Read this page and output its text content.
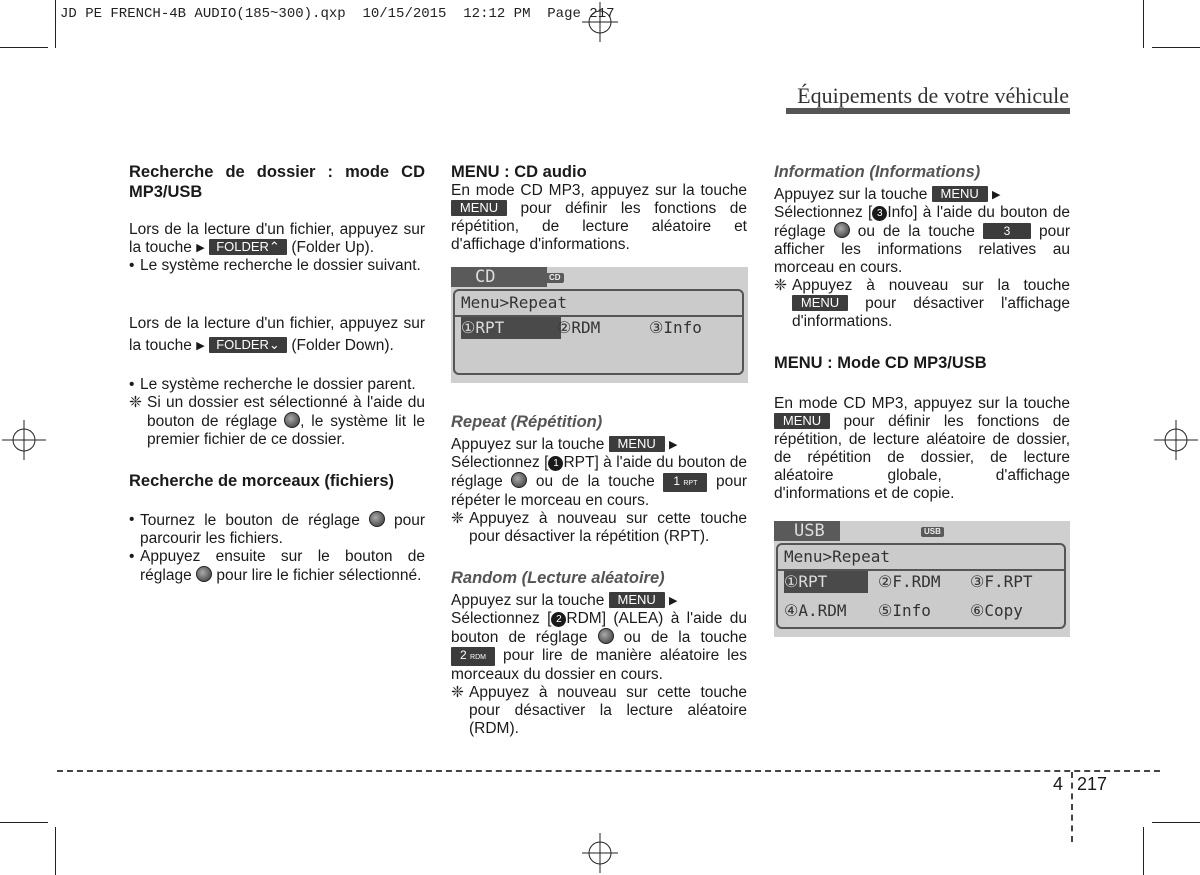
JD PE FRENCH-4B AUDIO(185~300).qxp  10/15/2015  12:12 PM  Page 217
Équipements de votre véhicule

Recherche de dossier : mode CD MP3/USB

Lors de la lecture d'un fichier, appuyez sur la touche ▶ FOLDER⌃ (Folder Up).

• Le système recherche le dossier suivant.

Lors de la lecture d'un fichier, appuyez sur la touche ▶ FOLDER⌄ (Folder Down).

• Le système recherche le dossier parent.
❈ Si un dossier est sélectionné à l'aide du bouton de réglage , le système lit le premier fichier de ce dossier.

Recherche de morceaux (fichiers)

• Tournez le bouton de réglage pour parcourir les fichiers.
• Appuyez ensuite sur le bouton de réglage pour lire le fichier sélectionné.

MENU : CD audio

En mode CD MP3, appuyez sur la touche MENU pour définir les fonctions de répétition, de lecture aléatoire et d'affichage d'informations.

CD	CD
Menu>Repeat
①RPT	②RDM	③Info

Repeat (Répétition)

Appuyez sur la touche MENU ▶

Sélectionnez [ 1 RPT] à l'aide du bouton de réglage ou de la touche 1 RPT pour répéter le morceau en cours.

❈ Appuyez à nouveau sur cette touche pour désactiver la répétition (RPT).

Random (Lecture aléatoire)

Appuyez sur la touche MENU ▶

Sélectionnez [ 2 RDM] (ALEA) à l'aide du bouton de réglage ou de la touche 2 RDM pour lire de manière aléatoire les morceaux du dossier en cours.

❈ Appuyez à nouveau sur cette touche pour désactiver la lecture aléatoire (RDM).

Information (Informations)

Appuyez sur la touche MENU ▶

Sélectionnez [ 3 Info] à l'aide du bouton de réglage ou de la touche 3 pour afficher les informations relatives au morceau en cours.

❈ Appuyez à nouveau sur la touche MENU pour désactiver l'affichage d'informations.

MENU : Mode CD MP3/USB

En mode CD MP3, appuyez sur la touche MENU pour définir les fonctions de répétition, de lecture aléatoire de dossier, de répétition de dossier, de lecture aléatoire globale, d'affichage d'informations et de copie.

USB	USB
Menu>Repeat
①RPT	②F.RDM ③F.RPT
④A.RDM ⑤Info ⑥Copy
4 217
